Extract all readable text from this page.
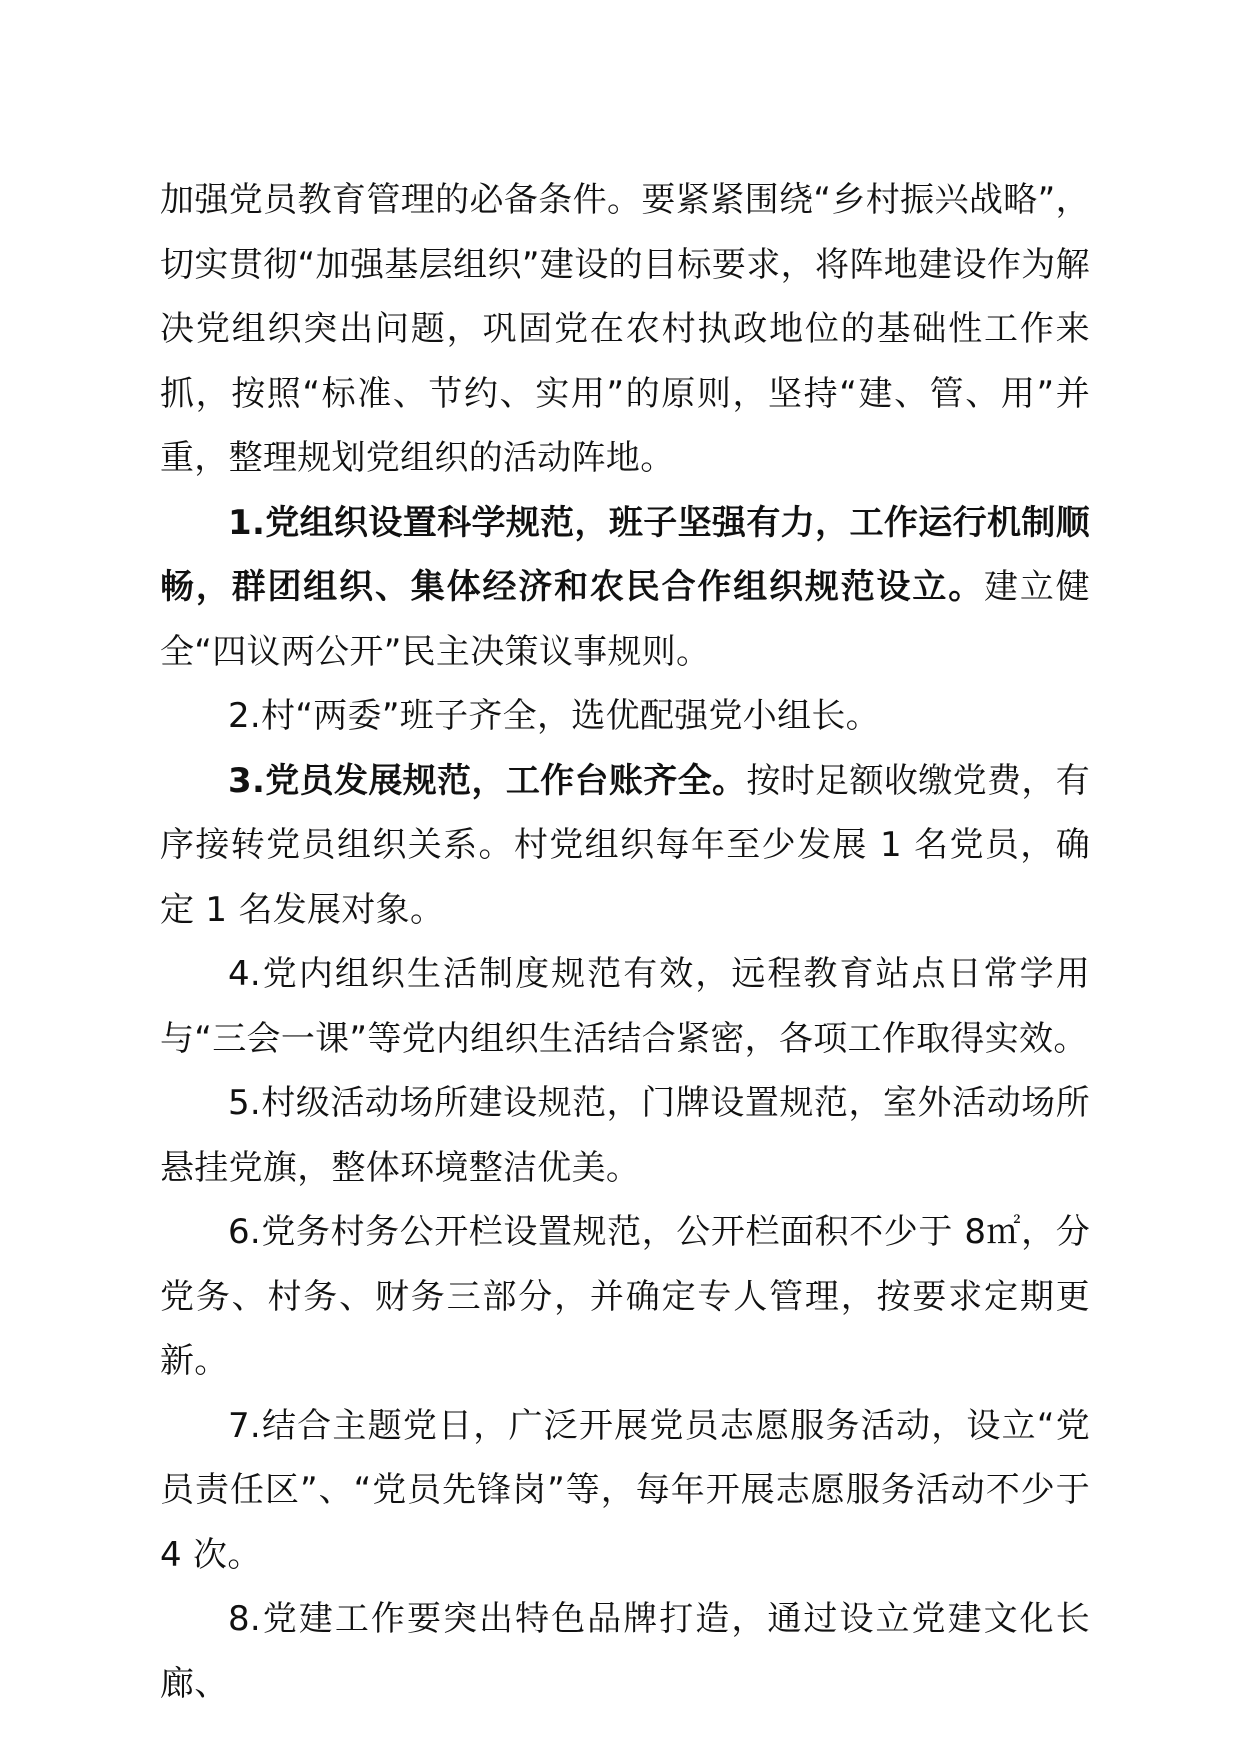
加强党员教育管理的必备条件。要紧紧围绕“乡村振兴战略”，切实贯彻“加强基层组织”建设的目标要求，将阵地建设作为解决党组织突出问题，巩固党在农村执政地位的基础性工作来抓，按照“标准、节约、实用”的原则，坚持“建、管、用”并重，整理规划党组织的活动阵地。

1.党组织设置科学规范，班子坚强有力，工作运行机制顺畅，群团组织、集体经济和农民合作组织规范设立。建立健全“四议两公开”民主决策议事规则。

2.村“两委”班子齐全，选优配强党小组长。

3.党员发展规范，工作台账齐全。按时足额收缴党费，有序接转党员组织关系。村党组织每年至少发展 1 名党员，确定 1 名发展对象。

4.党内组织生活制度规范有效，远程教育站点日常学用与“三会一课”等党内组织生活结合紧密，各项工作取得实效。

5.村级活动场所建设规范，门牌设置规范，室外活动场所悬挂党旗，整体环境整洁优美。

6.党务村务公开栏设置规范，公开栏面积不少于 8㎡，分党务、村务、财务三部分，并确定专人管理，按要求定期更新。

7.结合主题党日，广泛开展党员志愿服务活动，设立“党员责任区”、“党员先锋岗”等，每年开展志愿服务活动不少于 4 次。

8.党建工作要突出特色品牌打造，通过设立党建文化长廊、
